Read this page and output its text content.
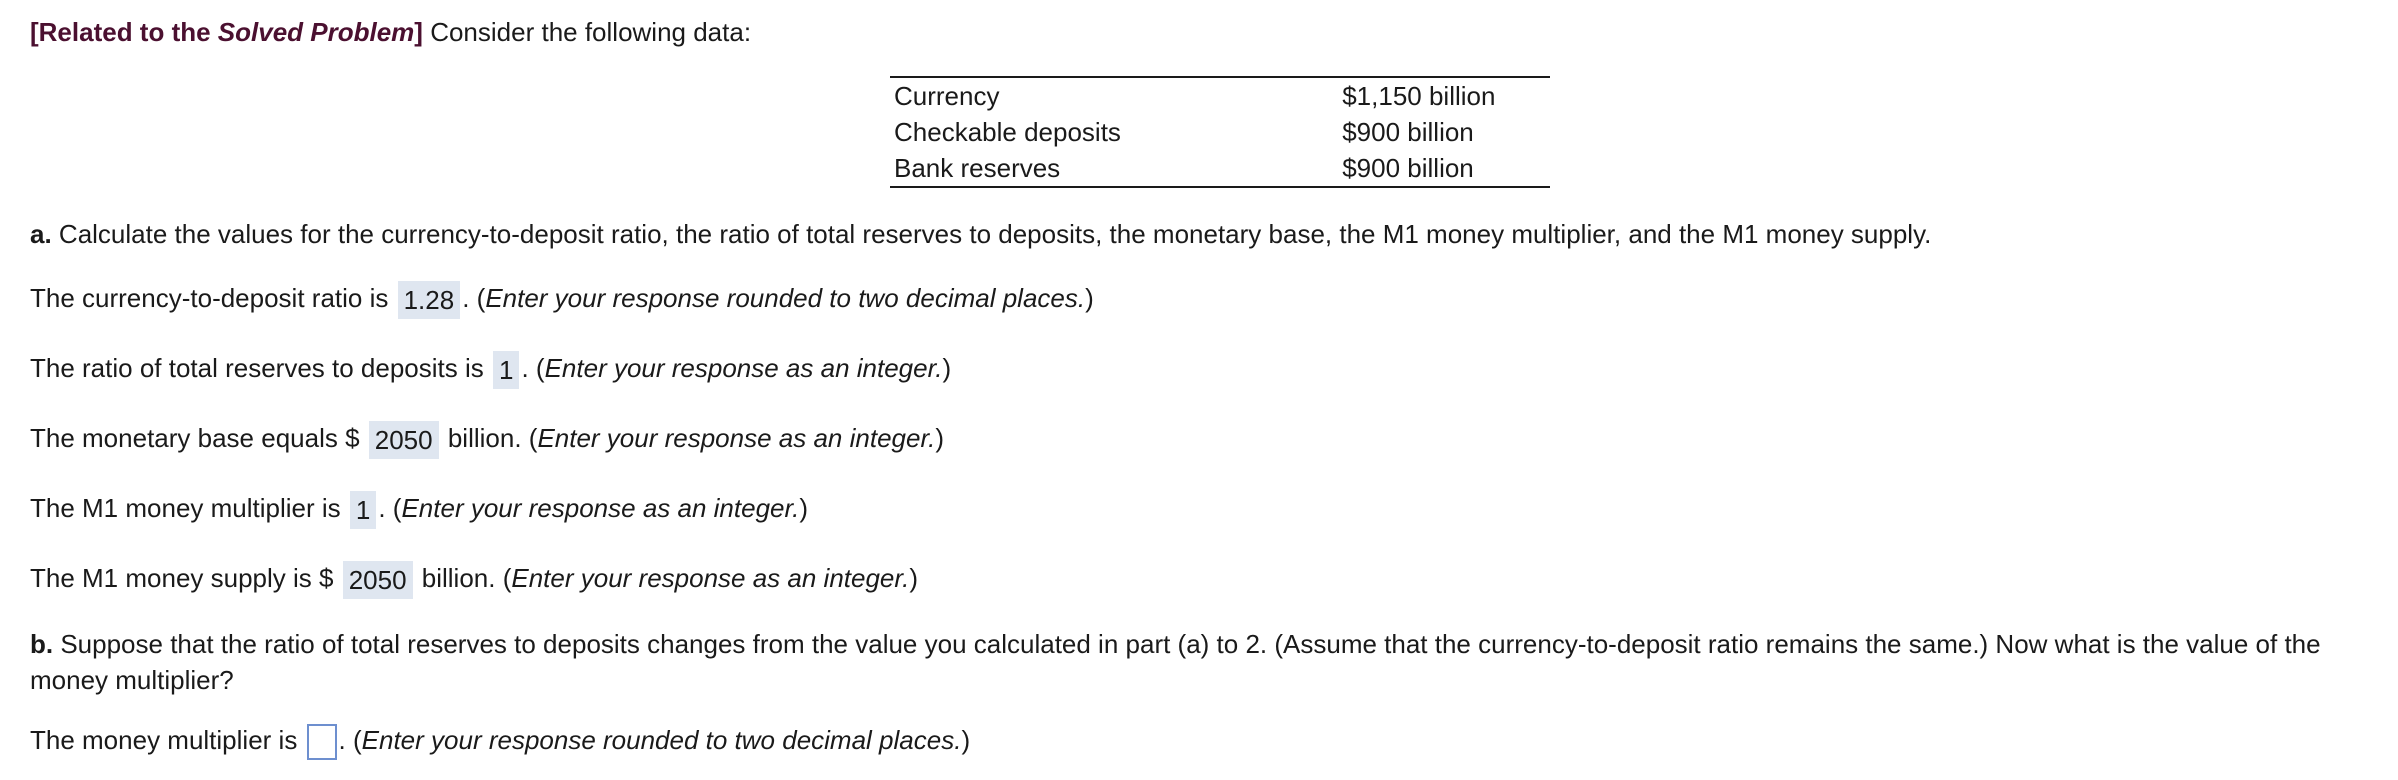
[Related to the Solved Problem] Consider the following data:
Currency	$1,150 billion
Checkable deposits	$900 billion
Bank reserves	$900 billion
a. Calculate the values for the currency-to-deposit ratio, the ratio of total reserves to deposits, the monetary base, the M1 money multiplier, and the M1 money supply.
The currency-to-deposit ratio is 1.28 . (Enter your response rounded to two decimal places.)
The ratio of total reserves to deposits is 1 . (Enter your response as an integer.)
The monetary base equals $ 2050 billion. (Enter your response as an integer.)
The M1 money multiplier is 1 . (Enter your response as an integer.)
The M1 money supply is $ 2050 billion. (Enter your response as an integer.)
b. Suppose that the ratio of total reserves to deposits changes from the value you calculated in part (a) to 2. (Assume that the currency-to-deposit ratio remains the same.) Now what is the value of the money multiplier?
The money multiplier is . (Enter your response rounded to two decimal places.)
